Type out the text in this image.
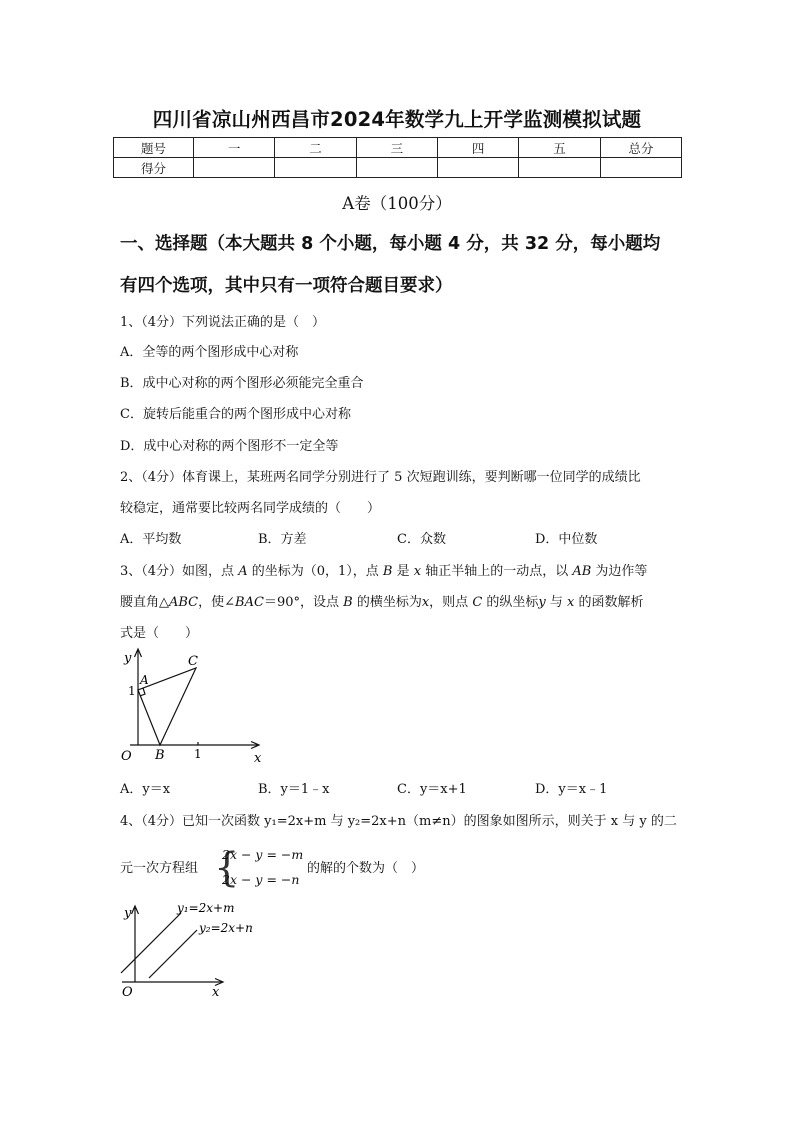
四川省凉山州西昌市2024年数学九上开学监测模拟试题
题号	一	二	三	四	五	总分
得分						
A卷（100分）
一、选择题（本大题共 8 个小题，每小题 4 分，共 32 分，每小题均
有四个选项，其中只有一项符合题目要求）
1、（4分）下列说法正确的是（　）
A．全等的两个图形成中心对称
B．成中心对称的两个图形必须能完全重合
C．旋转后能重合的两个图形成中心对称
D．成中心对称的两个图形不一定全等
2、（4分）体育课上，某班两名同学分别进行了 5 次短跑训练，要判断哪一位同学的成绩比
较稳定，通常要比较两名同学成绩的（　　）
A．平均数	B．方差	C．众数	D．中位数
3、（4分）如图，点 A 的坐标为（0，1），点 B 是 x 轴正半轴上的一动点，以 AB 为边作等
腰直角△ABC，使∠BAC＝90°，设点 B 的横坐标为x，则点 C 的纵坐标y 与 x 的函数解析
式是（　　）
y
1
A
C
O B 1	x
A．y＝x	B．y＝1﹣x	C．y＝x+1	D．y＝x﹣1
4、（4分）已知一次函数 y₁=2x+m 与 y₂=2x+n（m≠n）的图象如图所示，则关于 x 与 y 的二
元一次方程组 {
2x − y = −m
2x − y = −n
的解的个数为（　）
y	y₁=2x+m
y₂=2x+n
O	x
